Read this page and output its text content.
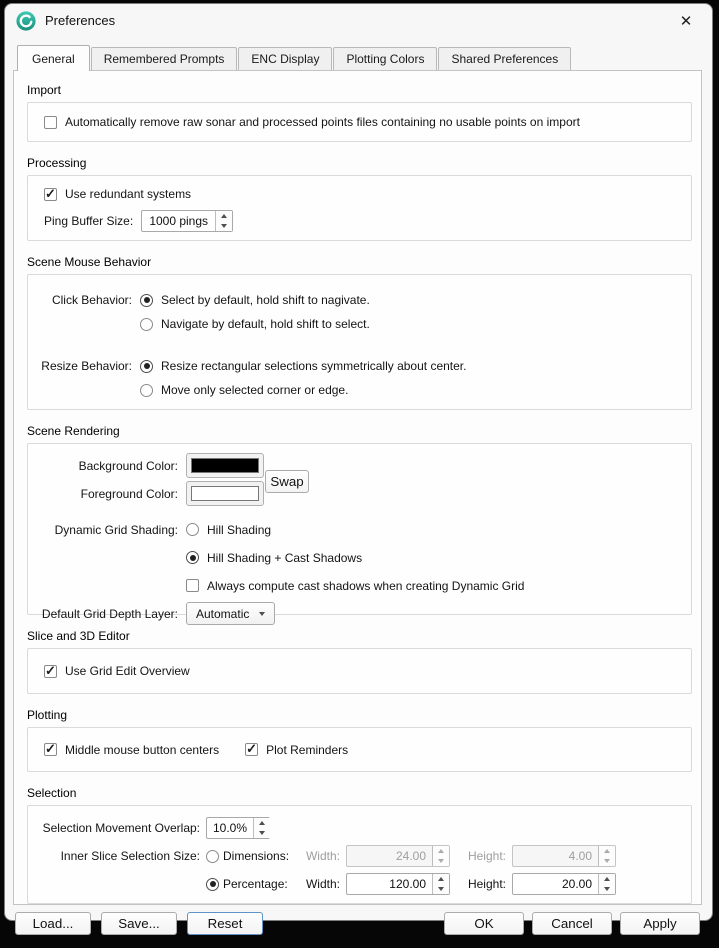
Preferences	✕
General	Remembered Prompts	ENC Display	Plotting Colors	Shared Preferences
Import
Automatically remove raw sonar and processed points files containing no usable points on import
Processing
✓
Use redundant systems
Ping Buffer Size:	1000 pings
Scene Mouse Behavior
Click Behavior: Select by default, hold shift to nagivate.
Navigate by default, hold shift to select.
Resize Behavior: Resize rectangular selections symmetrically about center.
Move only selected corner or edge.
Scene Rendering
Swap
Background Color:
Foreground Color:
Dynamic Grid Shading: Hill Shading
Hill Shading + Cast Shadows
Always compute cast shadows when creating Dynamic Grid
Default Grid Depth Layer: Automatic
Slice and 3D Editor
✓
Use Grid Edit Overview
Plotting
✓
Middle mouse button centers ✓	Plot Reminders
Selection
Selection Movement Overlap:	10.0%
Inner Slice Selection Size: Dimensions:	Width:	24.00	Height:	4.00
Percentage:	Width:	120.00	Height:	20.00
Load...	Save...	Reset	OK	Cancel	Apply
